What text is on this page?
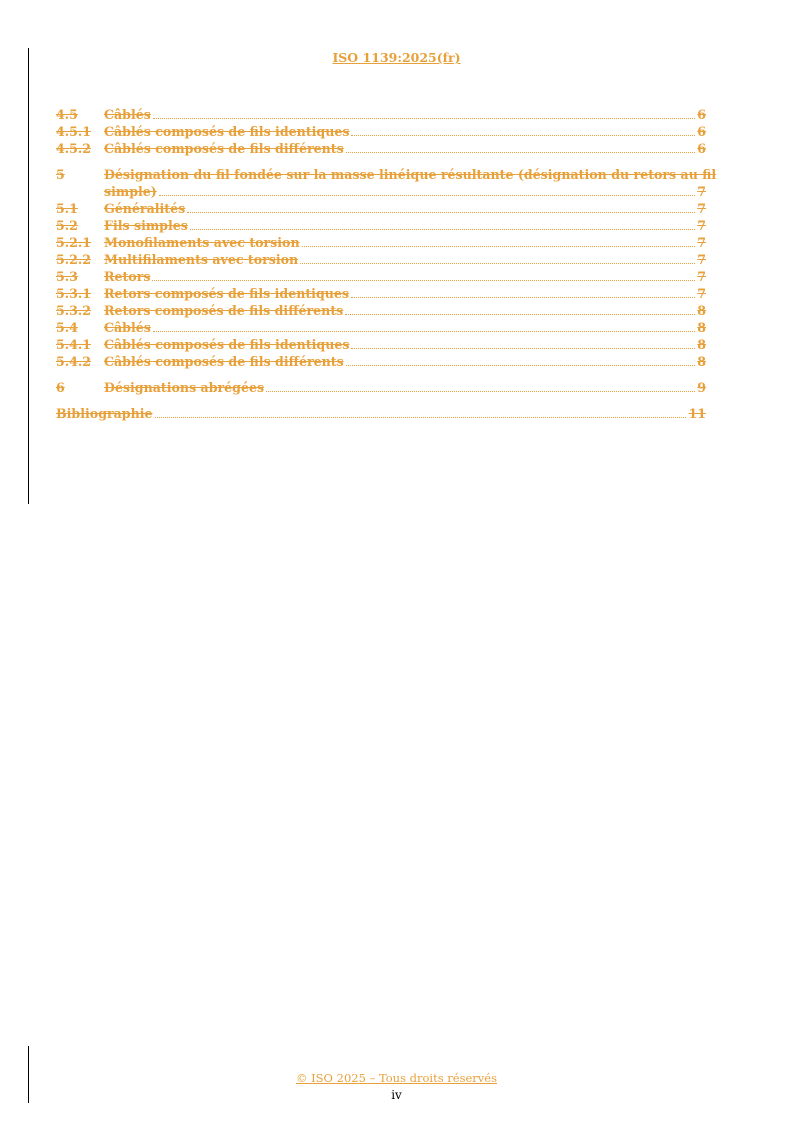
ISO 1139:2025(fr)
4.5	Câblés	6
4.5.1	Câblés composés de fils identiques	6
4.5.2	Câblés composés de fils différents	6
5	Désignation du fil fondée sur la masse linéique résultante (désignation du retors au fil
simple)	7
5.1	Généralités	7
5.2	Fils simples	7
5.2.1	Monofilaments avec torsion	7
5.2.2	Multifilaments avec torsion	7
5.3	Retors	7
5.3.1	Retors composés de fils identiques	7
5.3.2	Retors composés de fils différents	8
5.4	Câblés	8
5.4.1	Câblés composés de fils identiques	8
5.4.2	Câblés composés de fils différents	8
6	Désignations abrégées	9
Bibliographie	11
© ISO 2025 – Tous droits réservés
iv
